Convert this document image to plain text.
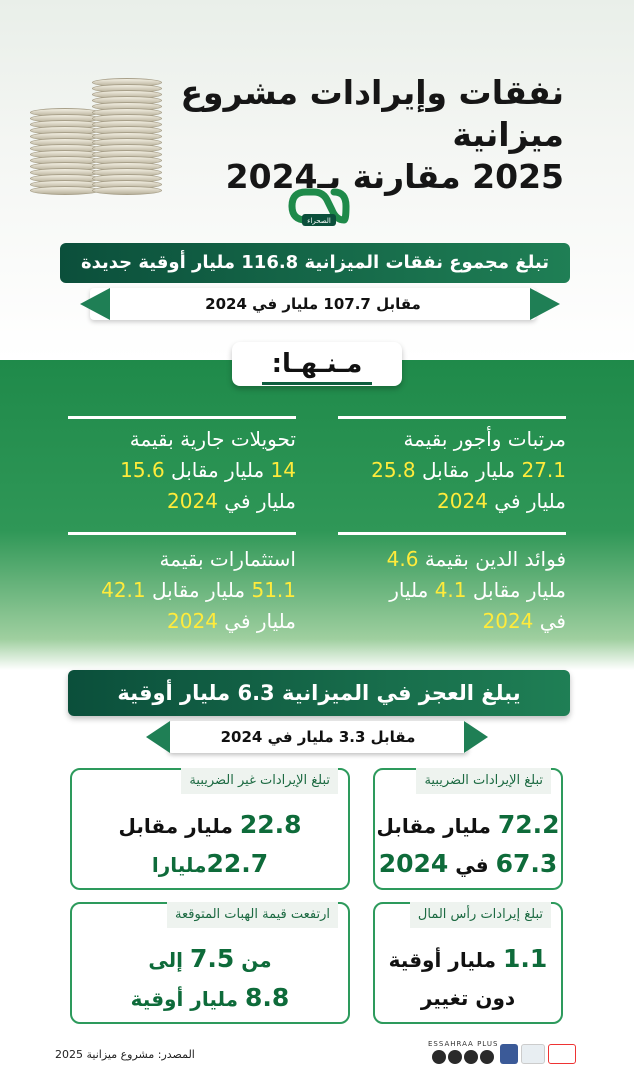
نفقات وإيرادات مشروع ميزانية
2025 مقارنة بـ2024
الصحراء
تبلغ مجموع نفقات الميزانية 116.8 مليار أوقية جديدة
مقابل 107.7 مليار في 2024
مـنـهـا:
مرتبات وأجور بقيمة
27.1 مليار مقابل 25.8
مليار في 2024
تحويلات جارية بقيمة
14 مليار مقابل 15.6
مليار في 2024
فوائد الدين بقيمة 4.6
مليار مقابل 4.1 مليار
في 2024
استثمارات بقيمة
51.1 مليار مقابل 42.1
مليار في 2024
يبلغ العجز في الميزانية 6.3 مليار أوقية
مقابل 3.3 مليار في 2024
تبلغ الإيرادات الضريبية
72.2 مليار مقابل
67.3 في 2024
تبلغ الإيرادات غير الضريبية
22.8 مليار مقابل
22.7مليارا
تبلغ إيرادات رأس المال
1.1 مليار أوقية
دون تغيير
ارتفعت قيمة الهبات المتوقعة
من 7.5 إلى
8.8 مليار أوقية
المصدر: مشروع ميزانية 2025
ESSAHRAA PLUS
